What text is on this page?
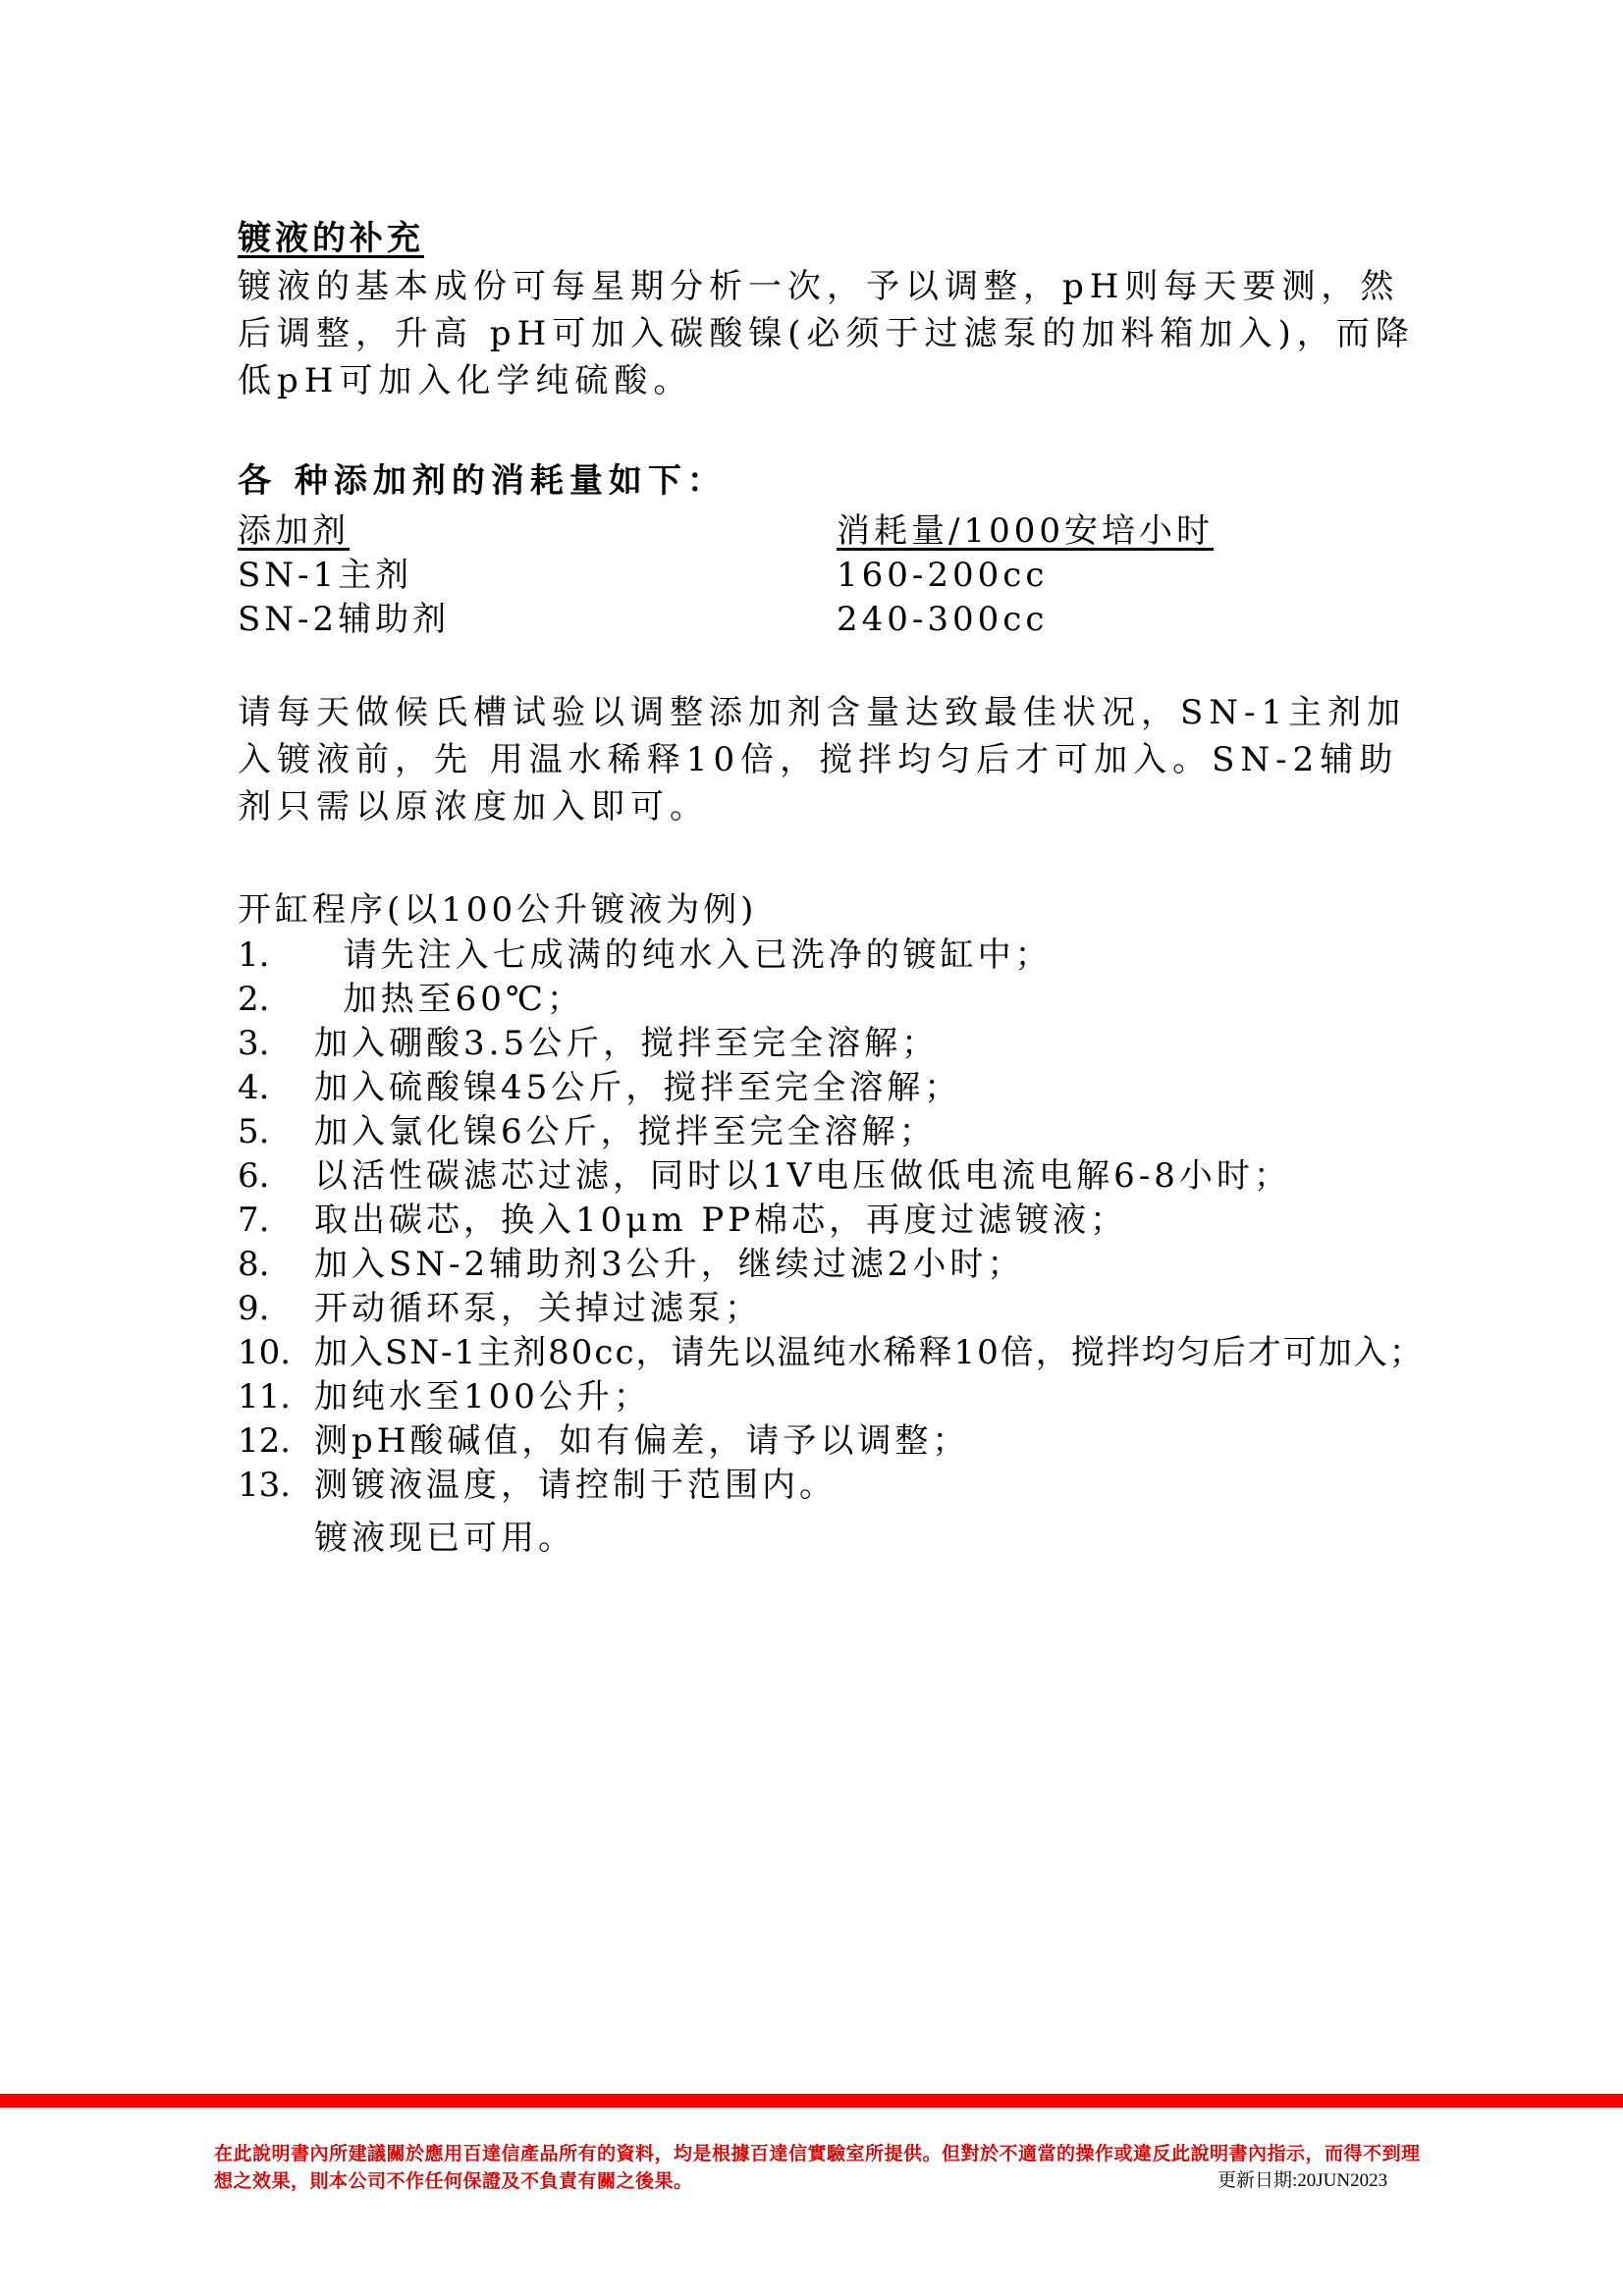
镀液的补充
镀液的基本成份可每星期分析一次，予以调整，pH则每天要测，然后调整，升高 pH可加入碳酸镍(必须于过滤泵的加料箱加入)，而降低pH可加入化学纯硫酸。
各 种添加剂的消耗量如下：
添加剂	消耗量/1000安培小时
SN-1主剂	160-200cc
SN-2辅助剂	240-300cc
请每天做候氏槽试验以调整添加剂含量达致最佳状况，SN-1主剂加入镀液前，先 用温水稀释10倍，搅拌均匀后才可加入。SN-2辅助剂只需以原浓度加入即可。
开缸程序(以100公升镀液为例)
1.  请先注入七成满的纯水入已洗净的镀缸中；
2.  加热至60℃；
3. 加入硼酸3.5公斤，搅拌至完全溶解；
4. 加入硫酸镍45公斤，搅拌至完全溶解；
5. 加入氯化镍6公斤，搅拌至完全溶解；
6. 以活性碳滤芯过滤，同时以1V电压做低电流电解6-8小时；
7. 取出碳芯，换入10μm PP棉芯，再度过滤镀液；
8. 加入SN-2辅助剂3公升，继续过滤2小时；
9. 开动循环泵，关掉过滤泵；
10. 加入SN-1主剂80cc，请先以温纯水稀释10倍，搅拌均匀后才可加入；
11. 加纯水至100公升；
12. 测pH酸碱值，如有偏差，请予以调整；
13. 测镀液温度，请控制于范围内。
镀液现已可用。
在此說明書內所建議關於應用百達信產品所有的資料，均是根據百達信實驗室所提供。但對於不適當的操作或違反此說明書內指示，而得不到理想之效果，則本公司不作任何保證及不負責有關之後果。	更新日期:20JUN2023
